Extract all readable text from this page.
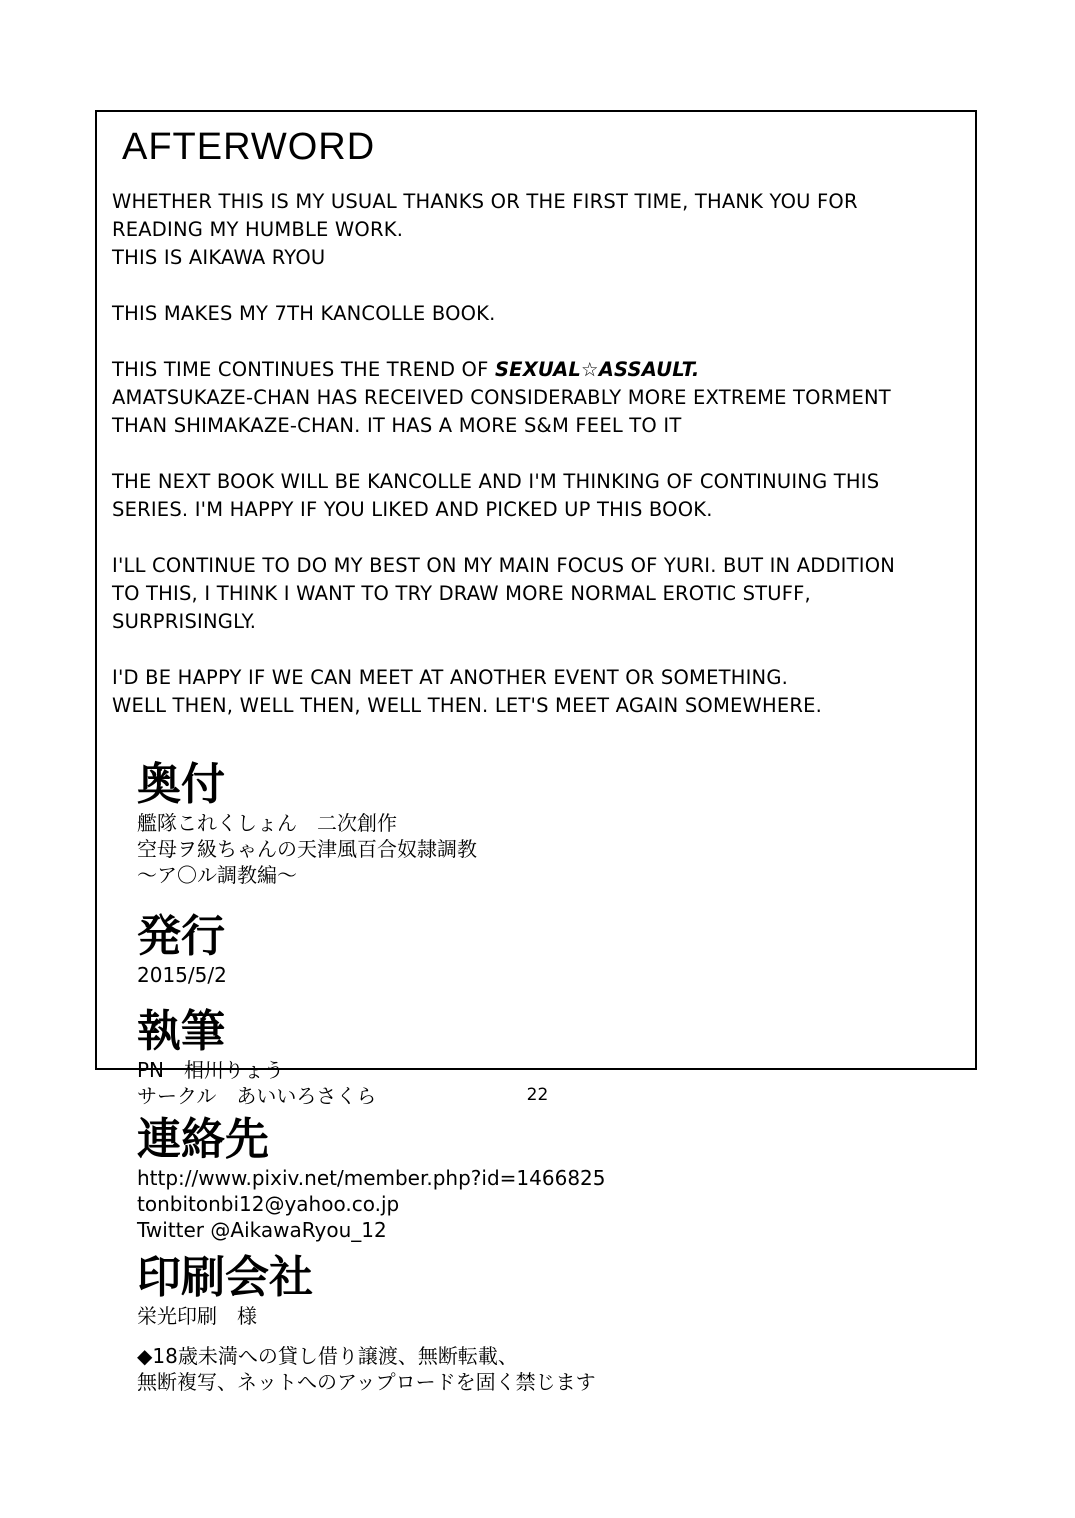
AFTERWORD

WHETHER THIS IS MY USUAL THANKS OR THE FIRST TIME, THANK YOU FOR
READING MY HUMBLE WORK.
THIS IS AIKAWA RYOU

THIS MAKES MY 7TH KANCOLLE BOOK.

THIS TIME CONTINUES THE TREND OF SEXUAL☆ASSAULT.
AMATSUKAZE-CHAN HAS RECEIVED CONSIDERABLY MORE EXTREME TORMENT
THAN SHIMAKAZE-CHAN. IT HAS A MORE S&M FEEL TO IT

THE NEXT BOOK WILL BE KANCOLLE AND I'M THINKING OF CONTINUING THIS
SERIES. I'M HAPPY IF YOU LIKED AND PICKED UP THIS BOOK.

I'LL CONTINUE TO DO MY BEST ON MY MAIN FOCUS OF YURI. BUT IN ADDITION
TO THIS, I THINK I WANT TO TRY DRAW MORE NORMAL EROTIC STUFF,
SURPRISINGLY.

I'D BE HAPPY IF WE CAN MEET AT ANOTHER EVENT OR SOMETHING.
WELL THEN, WELL THEN, WELL THEN. LET'S MEET AGAIN SOMEWHERE.

奥付
艦隊これくしょん　二次創作
空母ヲ級ちゃんの天津風百合奴隷調教
～ア〇ル調教編～
発行
2015/5/2
執筆
PN　相川りょう
サークル　あいいろさくら
連絡先
http://www.pixiv.net/member.php?id=1466825
tonbitonbi12@yahoo.co.jp
Twitter @AikawaRyou_12
印刷会社
栄光印刷　様
◆18歳未満への貸し借り譲渡、無断転載、
無断複写、ネットへのアップロードを固く禁じます
22
